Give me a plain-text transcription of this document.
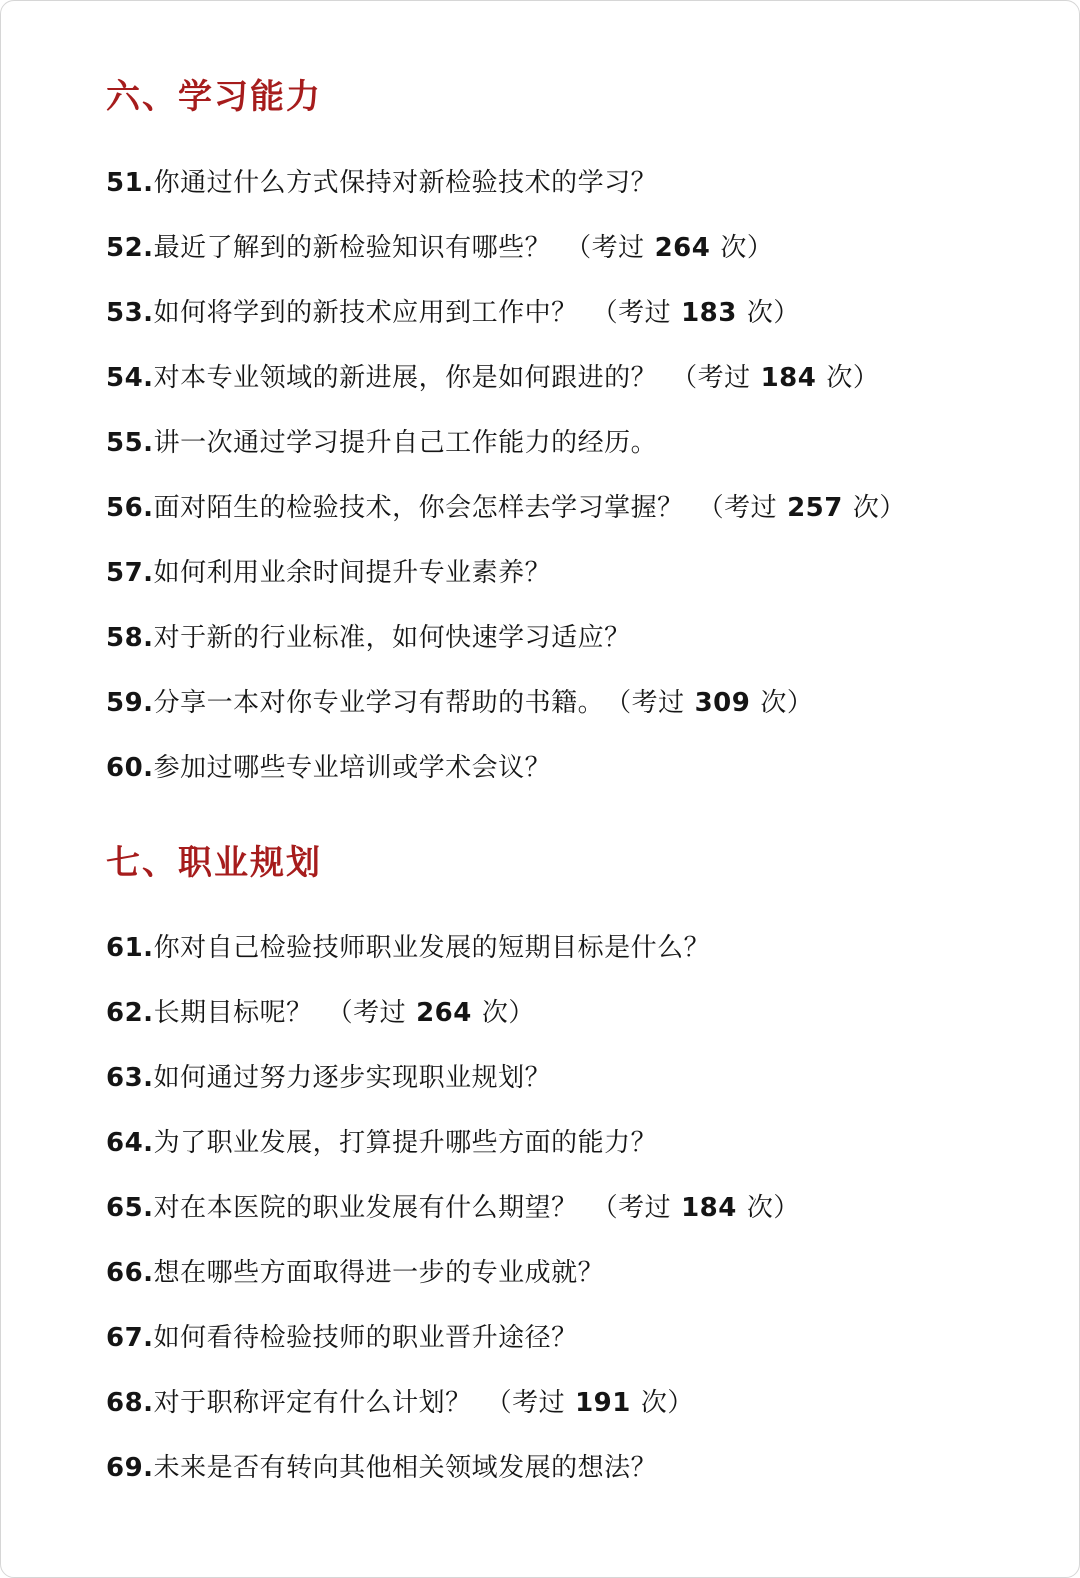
六、学习能力
51.你通过什么方式保持对新检验技术的学习？
52.最近了解到的新检验知识有哪些？ （考过 264 次）
53.如何将学到的新技术应用到工作中？ （考过 183 次）
54.对本专业领域的新进展，你是如何跟进的？ （考过 184 次）
55.讲一次通过学习提升自己工作能力的经历。
56.面对陌生的检验技术，你会怎样去学习掌握？ （考过 257 次）
57.如何利用业余时间提升专业素养？
58.对于新的行业标准，如何快速学习适应？
59.分享一本对你专业学习有帮助的书籍。 （考过 309 次）
60.参加过哪些专业培训或学术会议？
七、职业规划
61.你对自己检验技师职业发展的短期目标是什么？
62.长期目标呢？ （考过 264 次）
63.如何通过努力逐步实现职业规划？
64.为了职业发展，打算提升哪些方面的能力？
65.对在本医院的职业发展有什么期望？ （考过 184 次）
66.想在哪些方面取得进一步的专业成就？
67.如何看待检验技师的职业晋升途径？
68.对于职称评定有什么计划？ （考过 191 次）
69.未来是否有转向其他相关领域发展的想法？
